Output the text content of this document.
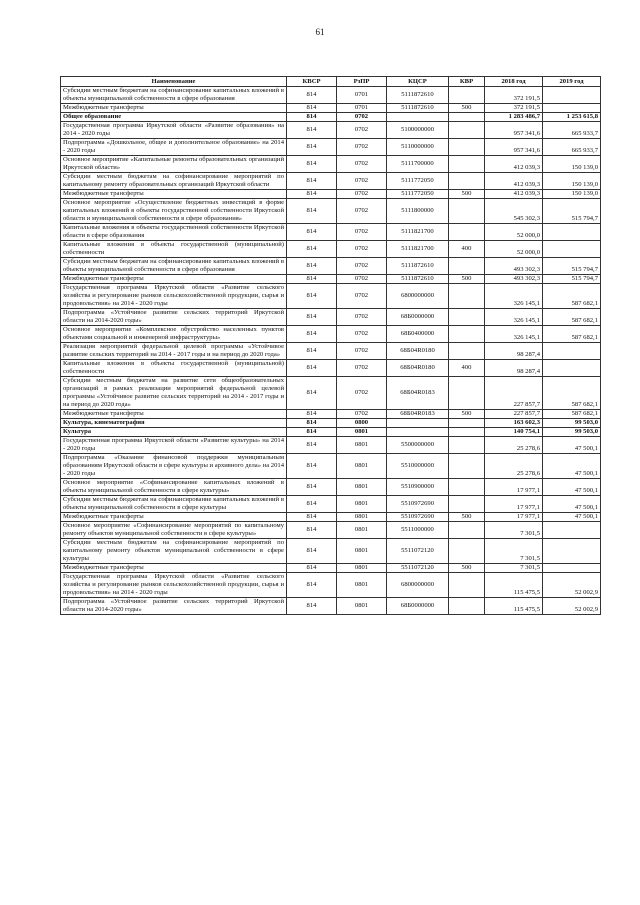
61
Наименование	КВСР	РзПР	КЦСР	КВР	2018 год	2019 год
Субсидии местным бюджетам на софинансирование капитальных вложений в объекты муниципальной собственности в сфере образования	814	0701	5111872610		372 191,5	
Межбюджетные трансферты	814	0701	5111872610	500	372 191,5	
Общее образование	814	0702			1 283 486,7	1 253 615,8
Государственная программа Иркутской области «Развитие образования» на 2014 - 2020 годы	814	0702	5100000000		957 341,6	665 933,7
Подпрограмма «Дошкольное, общее и дополнительное образование» на 2014 - 2020 годы	814	0702	5110000000		957 341,6	665 933,7
Основное мероприятие «Капитальные ремонты образовательных организаций Иркутской области»	814	0702	5111700000		412 039,3	150 139,0
Субсидии местным бюджетам на софинансирование мероприятий по капитальному ремонту образовательных организаций Иркутской области	814	0702	5111772050		412 039,3	150 139,0
Межбюджетные трансферты	814	0702	5111772050	500	412 039,3	150 139,0
Основное мероприятие «Осуществление бюджетных инвестиций в форме капитальных вложений в объекты государственной собственности Иркутской области и муниципальной собственности в сфере образования»	814	0702	5111800000		545 302,3	515 794,7
Капитальные вложения в объекты государственной собственности Иркутской области в сфере образования	814	0702	5111821700		52 000,0	
Капитальные вложения в объекты государственной (муниципальной) собственности	814	0702	5111821700	400	52 000,0	
Субсидии местным бюджетам на софинансирование капитальных вложений в объекты муниципальной собственности в сфере образования	814	0702	5111872610		493 302,3	515 794,7
Межбюджетные трансферты	814	0702	5111872610	500	493 302,3	515 794,7
Государственная программа Иркутской области «Развитие сельского хозяйства и регулирование рынков сельскохозяйственной продукции, сырья и продовольствия» на 2014 - 2020 годы	814	0702	6800000000		326 145,1	587 682,1
Подпрограмма «Устойчивое развитие сельских территорий Иркутской области на 2014-2020 годы»	814	0702	68Б0000000		326 145,1	587 682,1
Основное мероприятие «Комплексное обустройство населенных пунктов объектами социальной и инженерной инфраструктуры»	814	0702	68Б0400000		326 145,1	587 682,1
Реализация мероприятий федеральной целевой программы «Устойчивое развитие сельских территорий на 2014 - 2017 годы и на период до 2020 года»	814	0702	68Б04R0180		98 287,4	
Капитальные вложения в объекты государственной (муниципальной) собственности	814	0702	68Б04R0180	400	98 287,4	
Субсидии местным бюджетам на развитие сети общеобразовательных организаций в рамках реализации мероприятий федеральной целевой программы «Устойчивое развитие сельских территорий на 2014 - 2017 годы и на период до 2020 года»	814	0702	68Б04R0183		227 857,7	587 682,1
Межбюджетные трансферты	814	0702	68Б04R0183	500	227 857,7	587 682,1
Культура, кинематография	814	0800			163 602,3	99 503,0
Культура	814	0801			140 754,1	99 503,0
Государственная программа Иркутской области «Развитие культуры» на 2014 - 2020 годы	814	0801	5500000000		25 278,6	47 500,1
Подпрограмма «Оказание финансовой поддержки муниципальным образованиям Иркутской области в сфере культуры и архивного дела» на 2014 - 2020 годы	814	0801	5510000000		25 278,6	47 500,1
Основное мероприятие «Софинансирование капитальных вложений в объекты муниципальной собственности в сфере культуры»	814	0801	5510900000		17 977,1	47 500,1
Субсидии местным бюджетам на софинансирование капитальных вложений в объекты муниципальной собственности в сфере культуры	814	0801	5510972690		17 977,1	47 500,1
Межбюджетные трансферты	814	0801	5510972690	500	17 977,1	47 500,1
Основное мероприятие «Софинансирование мероприятий по капитальному ремонту объектов муниципальной собственности в сфере культуры»	814	0801	5511000000		7 301,5	
Субсидии местным бюджетам на софинансирование мероприятий по капитальному ремонту объектов муниципальной собственности в сфере культуры	814	0801	5511072120		7 301,5	
Межбюджетные трансферты	814	0801	5511072120	500	7 301,5	
Государственная программа Иркутской области «Развитие сельского хозяйства и регулирование рынков сельскохозяйственной продукции, сырья и продовольствия» на 2014 - 2020 годы	814	0801	6800000000		115 475,5	52 002,9
Подпрограмма «Устойчивое развитие сельских территорий Иркутской области на 2014-2020 годы»	814	0801	68Б0000000		115 475,5	52 002,9
